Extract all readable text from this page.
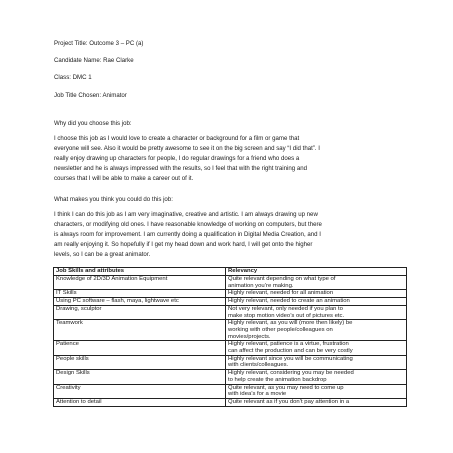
Project Title: Outcome 3 – PC (a)
Candidate Name: Rae Clarke
Class: DMC 1
Job Title Chosen: Animator
Why did you choose this job:

I choose this job as I would love to create a character or background for a film or game that

everyone will see. Also it would be pretty awesome to see it on the big screen and say “I did that”. I

really enjoy drawing up characters for people, I do regular drawings for a friend who does a

newsletter and he is always impressed with the results, so I feel that with the right training and

courses that I will be able to make a career out of it.

What makes you think you could do this job:

I think I can do this job as I am very imaginative, creative and artistic. I am always drawing up new

characters, or modifying old ones. I have reasonable knowledge of working on computers, but there

is always room for improvement. I am currently doing a qualification in Digital Media Creation, and I

am really enjoying it. So hopefully if I get my head down and work hard, I will get onto the higher

levels, so I can be a great animator.

Job Skills and attributes	Relevancy
Knowledge of 2D/3D Animation Equipment	Quite relevant depending on what type of
animation you’re making.

IT Skills	Highly relevant, needed for all animation

Using PC software – flash, maya, lightwave etc	Highly relevant, needed to create an animation

Drawing, sculptor	Not very relevant, only needed if you plan to
make stop motion video’s out of pictures etc.

Teamwork	Highly relevant, as you will (more then likely) be
working with other people/colleagues on
movies/projects.

Patience	Highly relevant, patience is a virtue, frustration
can affect the production and can be very costly

People skills	Highly relevant since you will be communicating
with clients/colleagues.

Design Skills	Highly relevant, considering you may be needed
to help create the animation backdrop

Creativity	Quite relevant, as you may need to come up
with idea’s for a movie

Attention to detail	Quite relevant as if you don’t pay attention in a
